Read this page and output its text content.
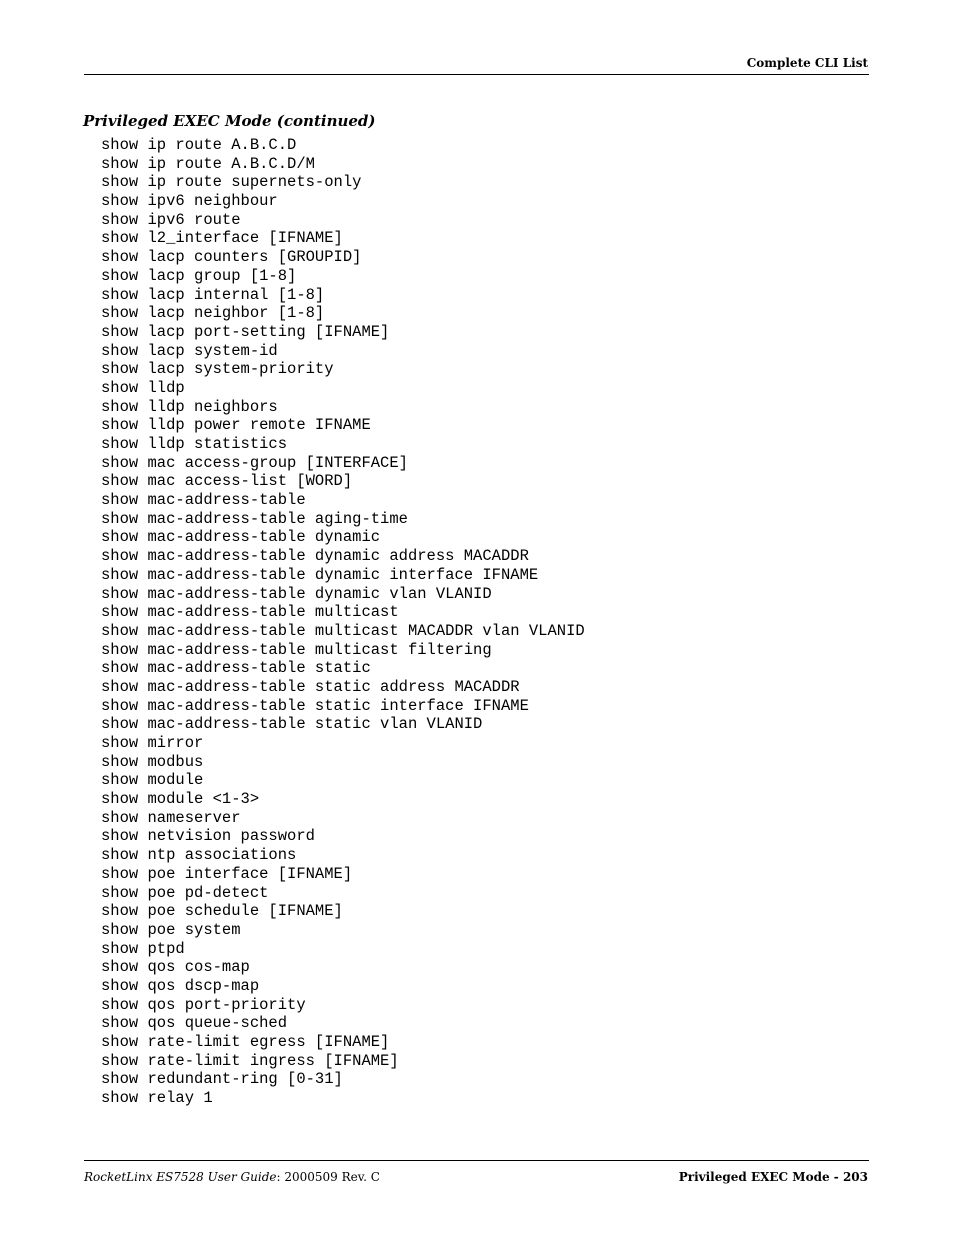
Complete CLI List
Privileged EXEC Mode (continued)
show ip route A.B.C.D
show ip route A.B.C.D/M
show ip route supernets-only
show ipv6 neighbour
show ipv6 route
show l2_interface [IFNAME]
show lacp counters [GROUPID]
show lacp group [1-8]
show lacp internal [1-8]
show lacp neighbor [1-8]
show lacp port-setting [IFNAME]
show lacp system-id
show lacp system-priority
show lldp
show lldp neighbors
show lldp power remote IFNAME
show lldp statistics
show mac access-group [INTERFACE]
show mac access-list [WORD]
show mac-address-table
show mac-address-table aging-time
show mac-address-table dynamic
show mac-address-table dynamic address MACADDR
show mac-address-table dynamic interface IFNAME
show mac-address-table dynamic vlan VLANID
show mac-address-table multicast
show mac-address-table multicast MACADDR vlan VLANID
show mac-address-table multicast filtering
show mac-address-table static
show mac-address-table static address MACADDR
show mac-address-table static interface IFNAME
show mac-address-table static vlan VLANID
show mirror
show modbus
show module
show module <1-3>
show nameserver
show netvision password
show ntp associations
show poe interface [IFNAME]
show poe pd-detect
show poe schedule [IFNAME]
show poe system
show ptpd
show qos cos-map
show qos dscp-map
show qos port-priority
show qos queue-sched
show rate-limit egress [IFNAME]
show rate-limit ingress [IFNAME]
show redundant-ring [0-31]
show relay 1
RocketLinx ES7528 User Guide: 2000509 Rev. C	Privileged EXEC Mode - 203
